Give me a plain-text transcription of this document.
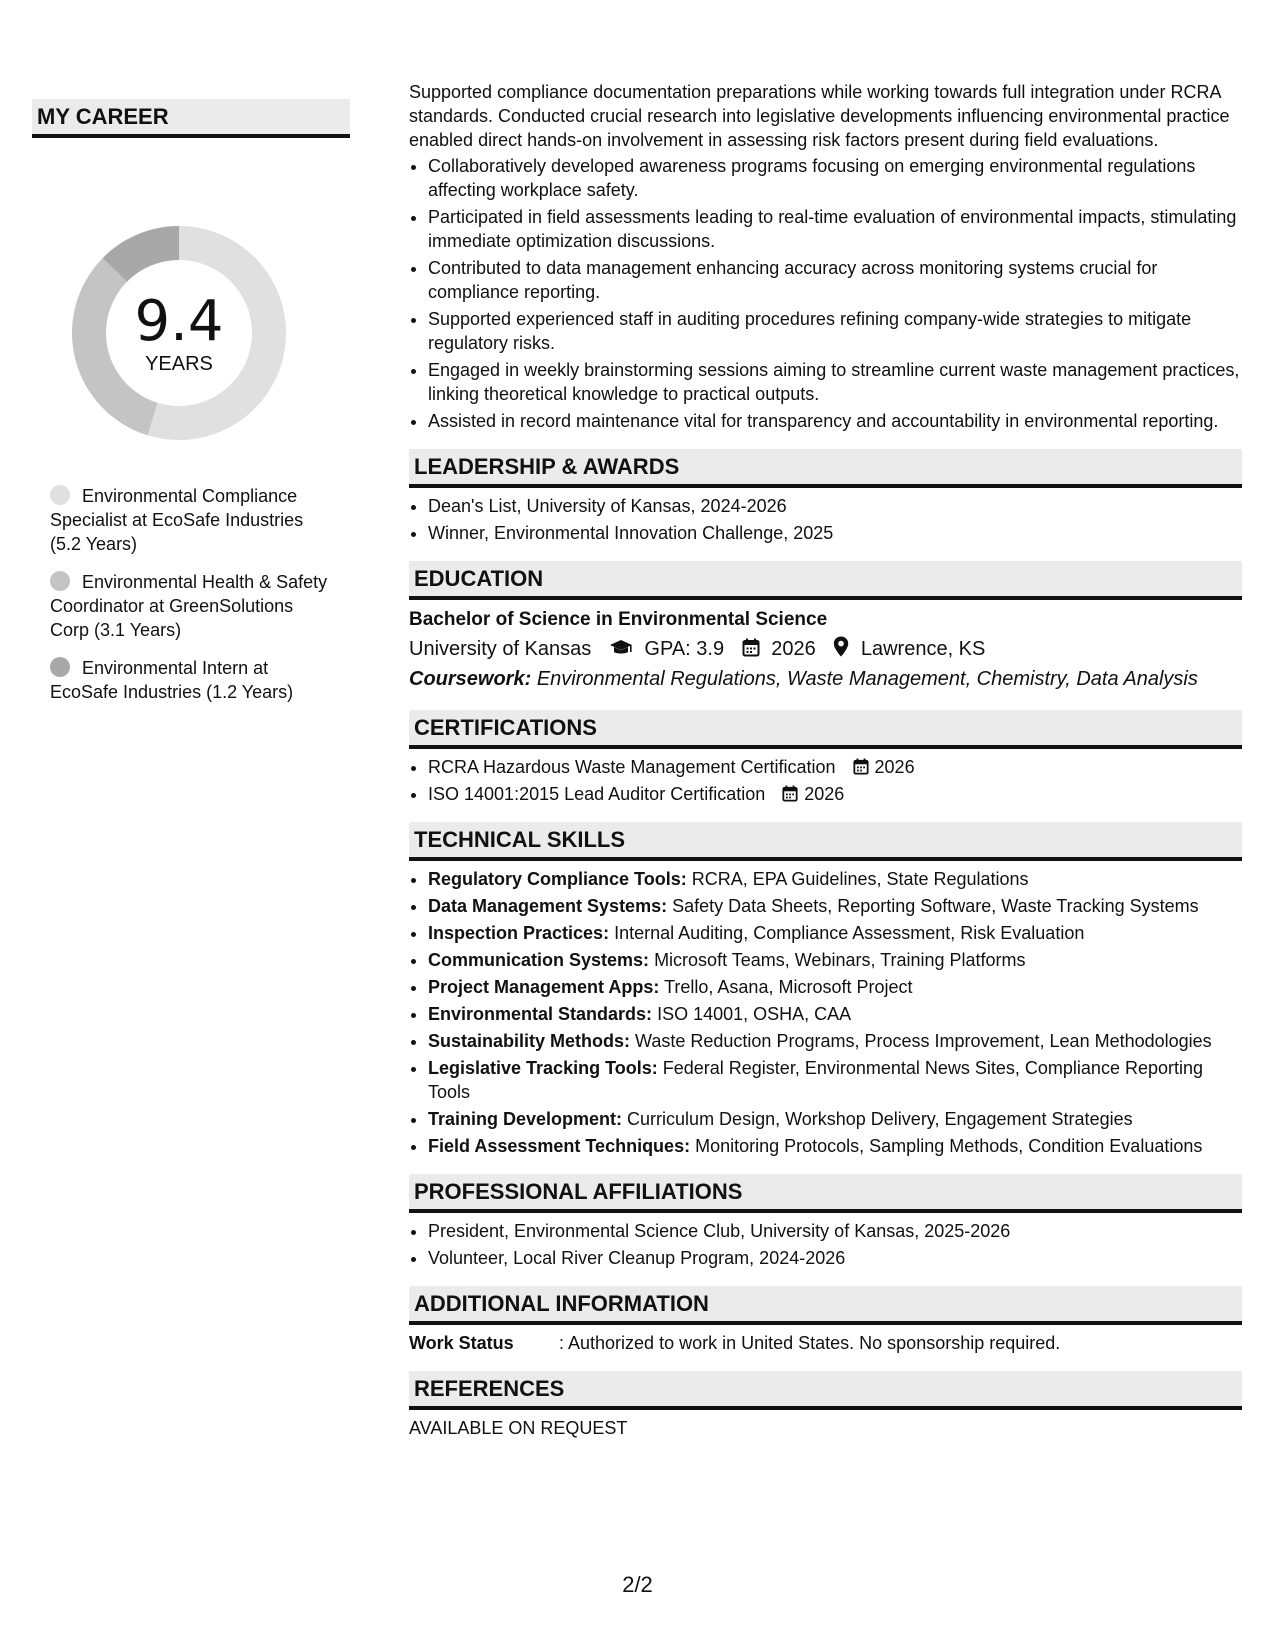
MY CAREER
9.4
YEARS
Environmental Compliance Specialist at EcoSafe Industries (5.2 Years)
Environmental Health & Safety Coordinator at GreenSolutions Corp (3.1 Years)
Environmental Intern at EcoSafe Industries (1.2 Years)

Supported compliance documentation preparations while working towards full integration under RCRA standards. Conducted crucial research into legislative developments influencing environmental practice enabled direct hands-on involvement in assessing risk factors present during field evaluations.

• Collaboratively developed awareness programs focusing on emerging environmental regulations affecting workplace safety.
• Participated in field assessments leading to real-time evaluation of environmental impacts, stimulating immediate optimization discussions.
• Contributed to data management enhancing accuracy across monitoring systems crucial for compliance reporting.
• Supported experienced staff in auditing procedures refining company-wide strategies to mitigate regulatory risks.
• Engaged in weekly brainstorming sessions aiming to streamline current waste management practices, linking theoretical knowledge to practical outputs.
• Assisted in record maintenance vital for transparency and accountability in environmental reporting.
LEADERSHIP & AWARDS
• Dean's List, University of Kansas, 2024-2026
• Winner, Environmental Innovation Challenge, 2025
EDUCATION
Bachelor of Science in Environmental Science
University of Kansas	GPA: 3.9 2026 Lawrence, KS
Coursework: Environmental Regulations, Waste Management, Chemistry, Data Analysis
CERTIFICATIONS
• RCRA Hazardous Waste Management Certification 2026
• ISO 14001:2015 Lead Auditor Certification 2026
TECHNICAL SKILLS
• Regulatory Compliance Tools: RCRA, EPA Guidelines, State Regulations
• Data Management Systems: Safety Data Sheets, Reporting Software, Waste Tracking Systems
• Inspection Practices: Internal Auditing, Compliance Assessment, Risk Evaluation
• Communication Systems: Microsoft Teams, Webinars, Training Platforms
• Project Management Apps: Trello, Asana, Microsoft Project
• Environmental Standards: ISO 14001, OSHA, CAA
• Sustainability Methods: Waste Reduction Programs, Process Improvement, Lean Methodologies
• Legislative Tracking Tools: Federal Register, Environmental News Sites, Compliance Reporting Tools
• Training Development: Curriculum Design, Workshop Delivery, Engagement Strategies
• Field Assessment Techniques: Monitoring Protocols, Sampling Methods, Condition Evaluations
PROFESSIONAL AFFILIATIONS
• President, Environmental Science Club, University of Kansas, 2025-2026
• Volunteer, Local River Cleanup Program, 2024-2026
ADDITIONAL INFORMATION
Work Status	: Authorized to work in United States. No sponsorship required.
REFERENCES
AVAILABLE ON REQUEST
2/2
